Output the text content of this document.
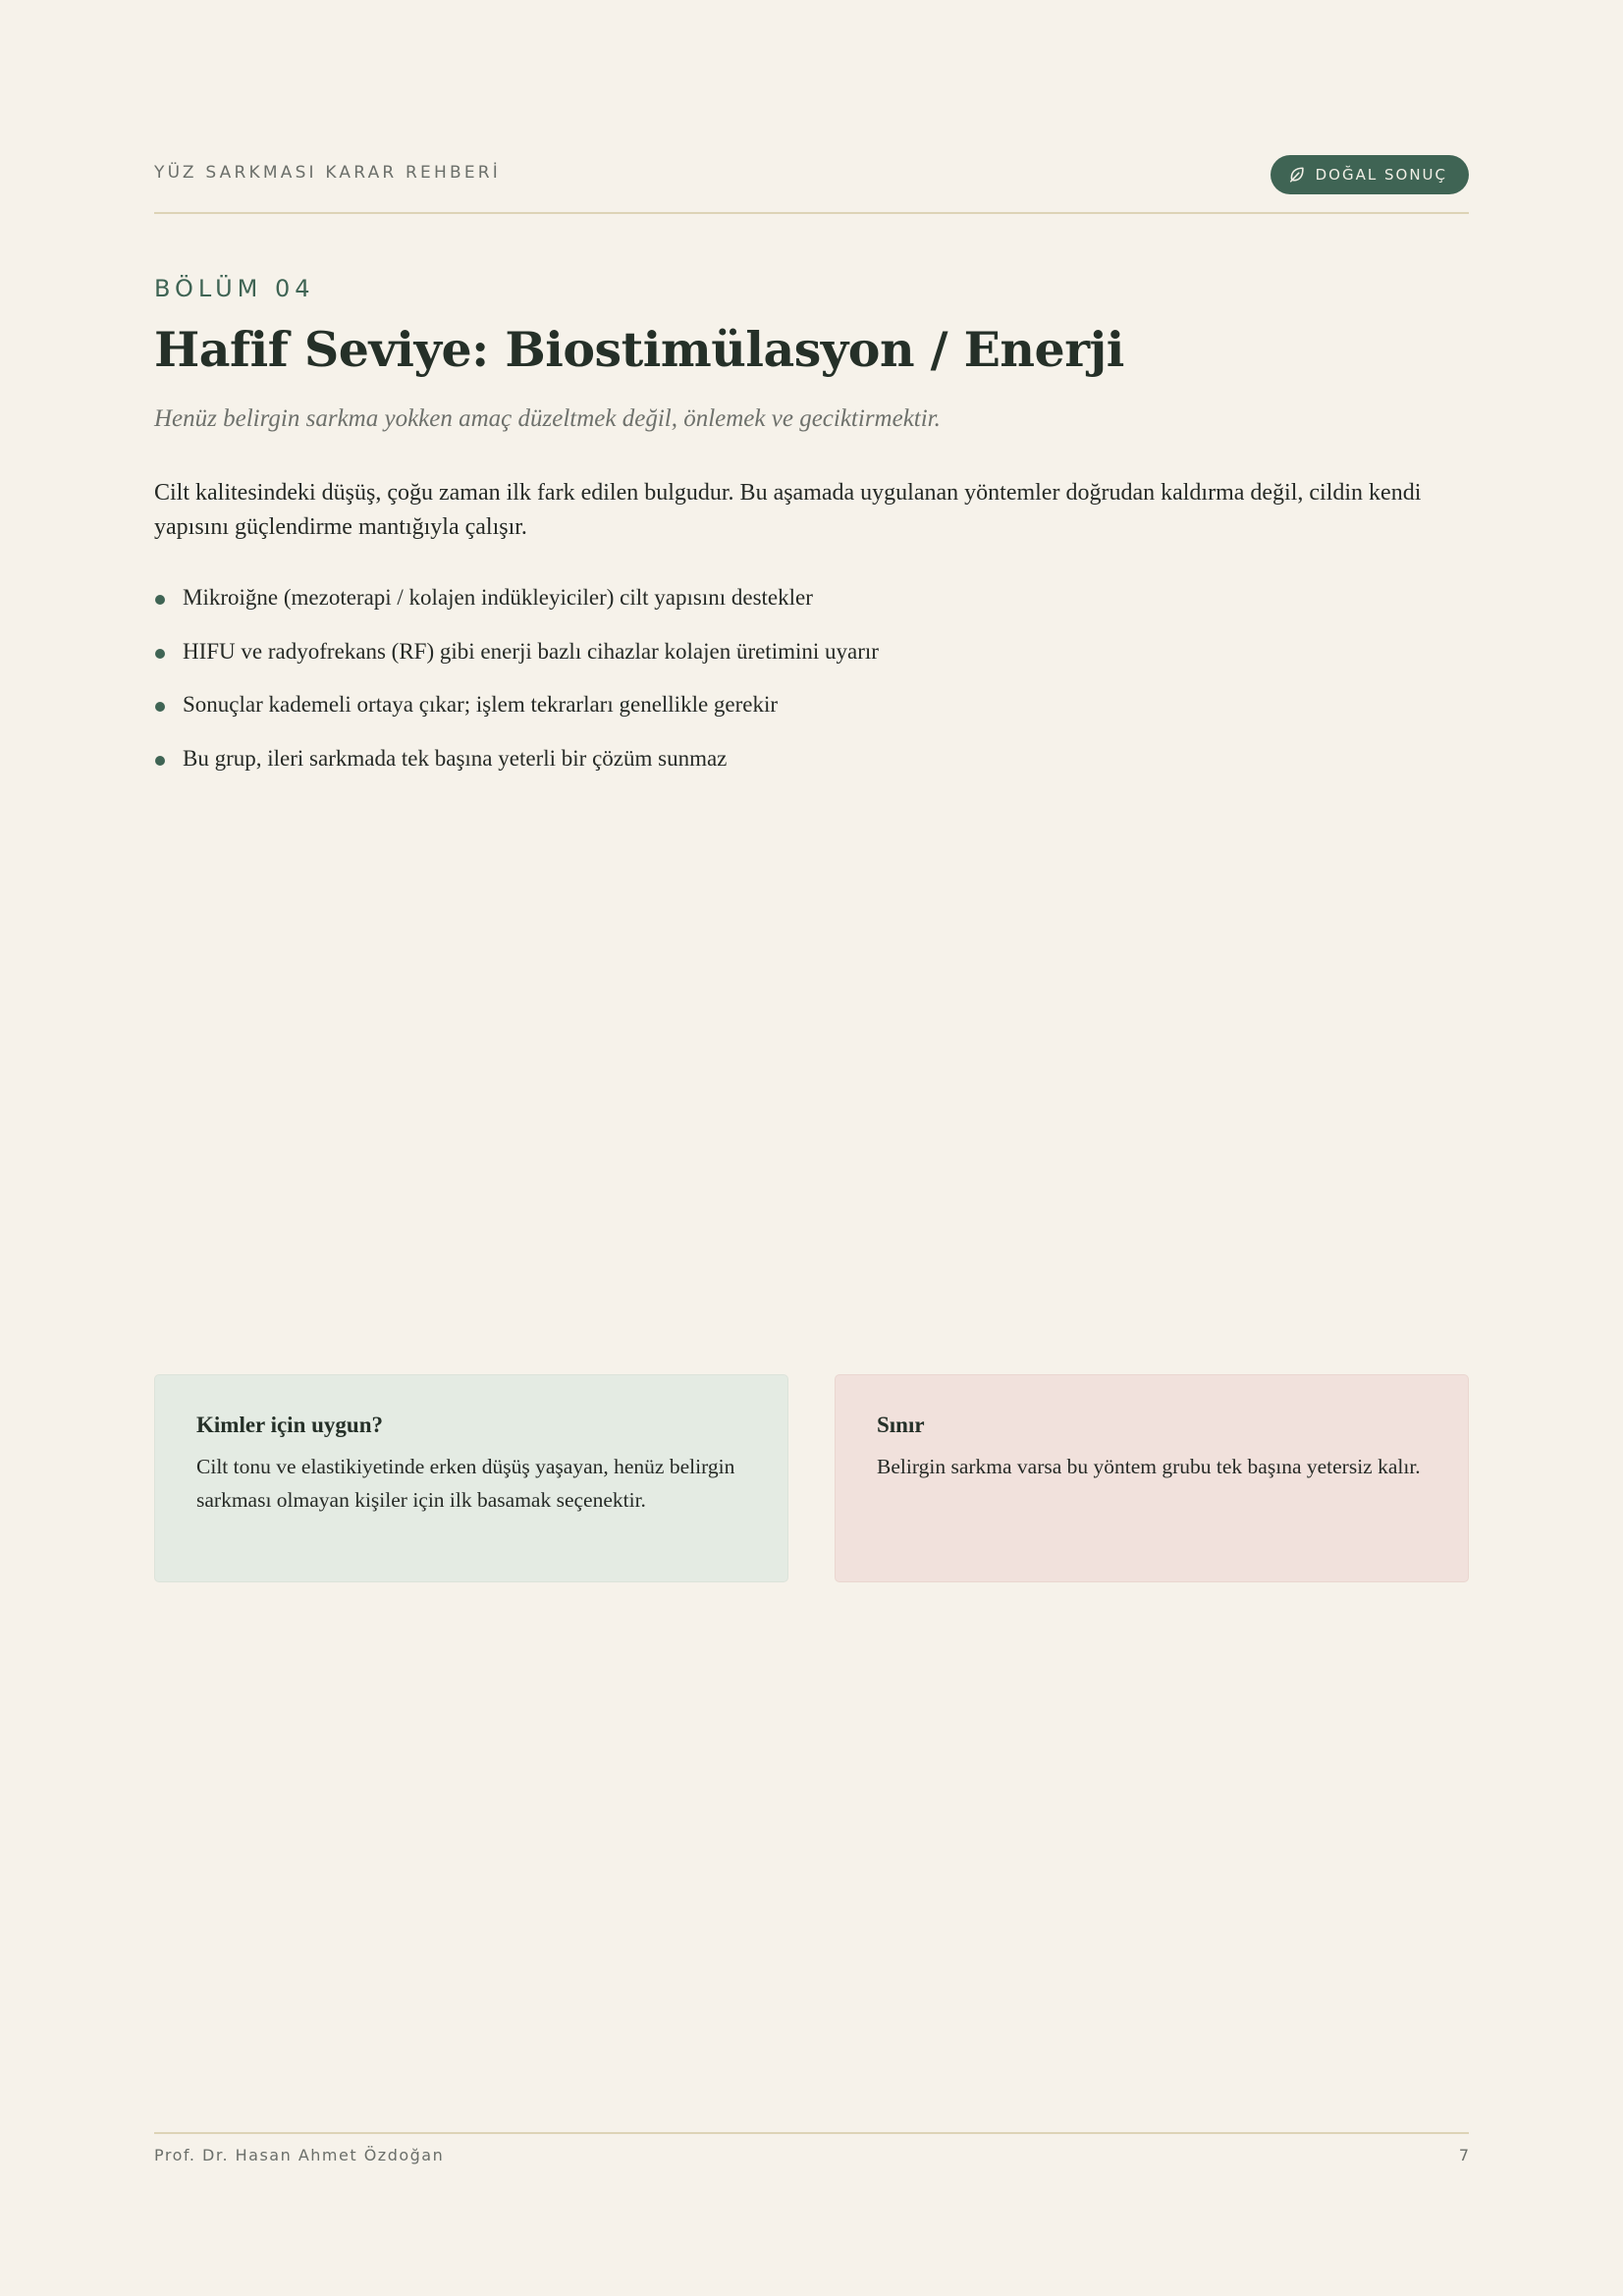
YÜZ SARKMASI KARAR REHBERİ	DOĞAL SONUÇ
BÖLÜM 04
Hafif Seviye: Biostimülasyon / Enerji

Henüz belirgin sarkma yokken amaç düzeltmek değil, önlemek ve geciktirmektir.

Cilt kalitesindeki düşüş, çoğu zaman ilk fark edilen bulgudur. Bu aşamada uygulanan yöntemler doğrudan kaldırma değil, cildin kendi yapısını güçlendirme mantığıyla çalışır.

Mikroiğne (mezoterapi / kolajen indükleyiciler) cilt yapısını destekler
HIFU ve radyofrekans (RF) gibi enerji bazlı cihazlar kolajen üretimini uyarır
Sonuçlar kademeli ortaya çıkar; işlem tekrarları genellikle gerekir
Bu grup, ileri sarkmada tek başına yeterli bir çözüm sunmaz
Kimler için uygun?

Cilt tonu ve elastikiyetinde erken düşüş yaşayan, henüz belirgin sarkması olmayan kişiler için ilk basamak seçenektir.

Sınır

Belirgin sarkma varsa bu yöntem grubu tek başına yetersiz kalır.

Prof. Dr. Hasan Ahmet Özdoğan	7
